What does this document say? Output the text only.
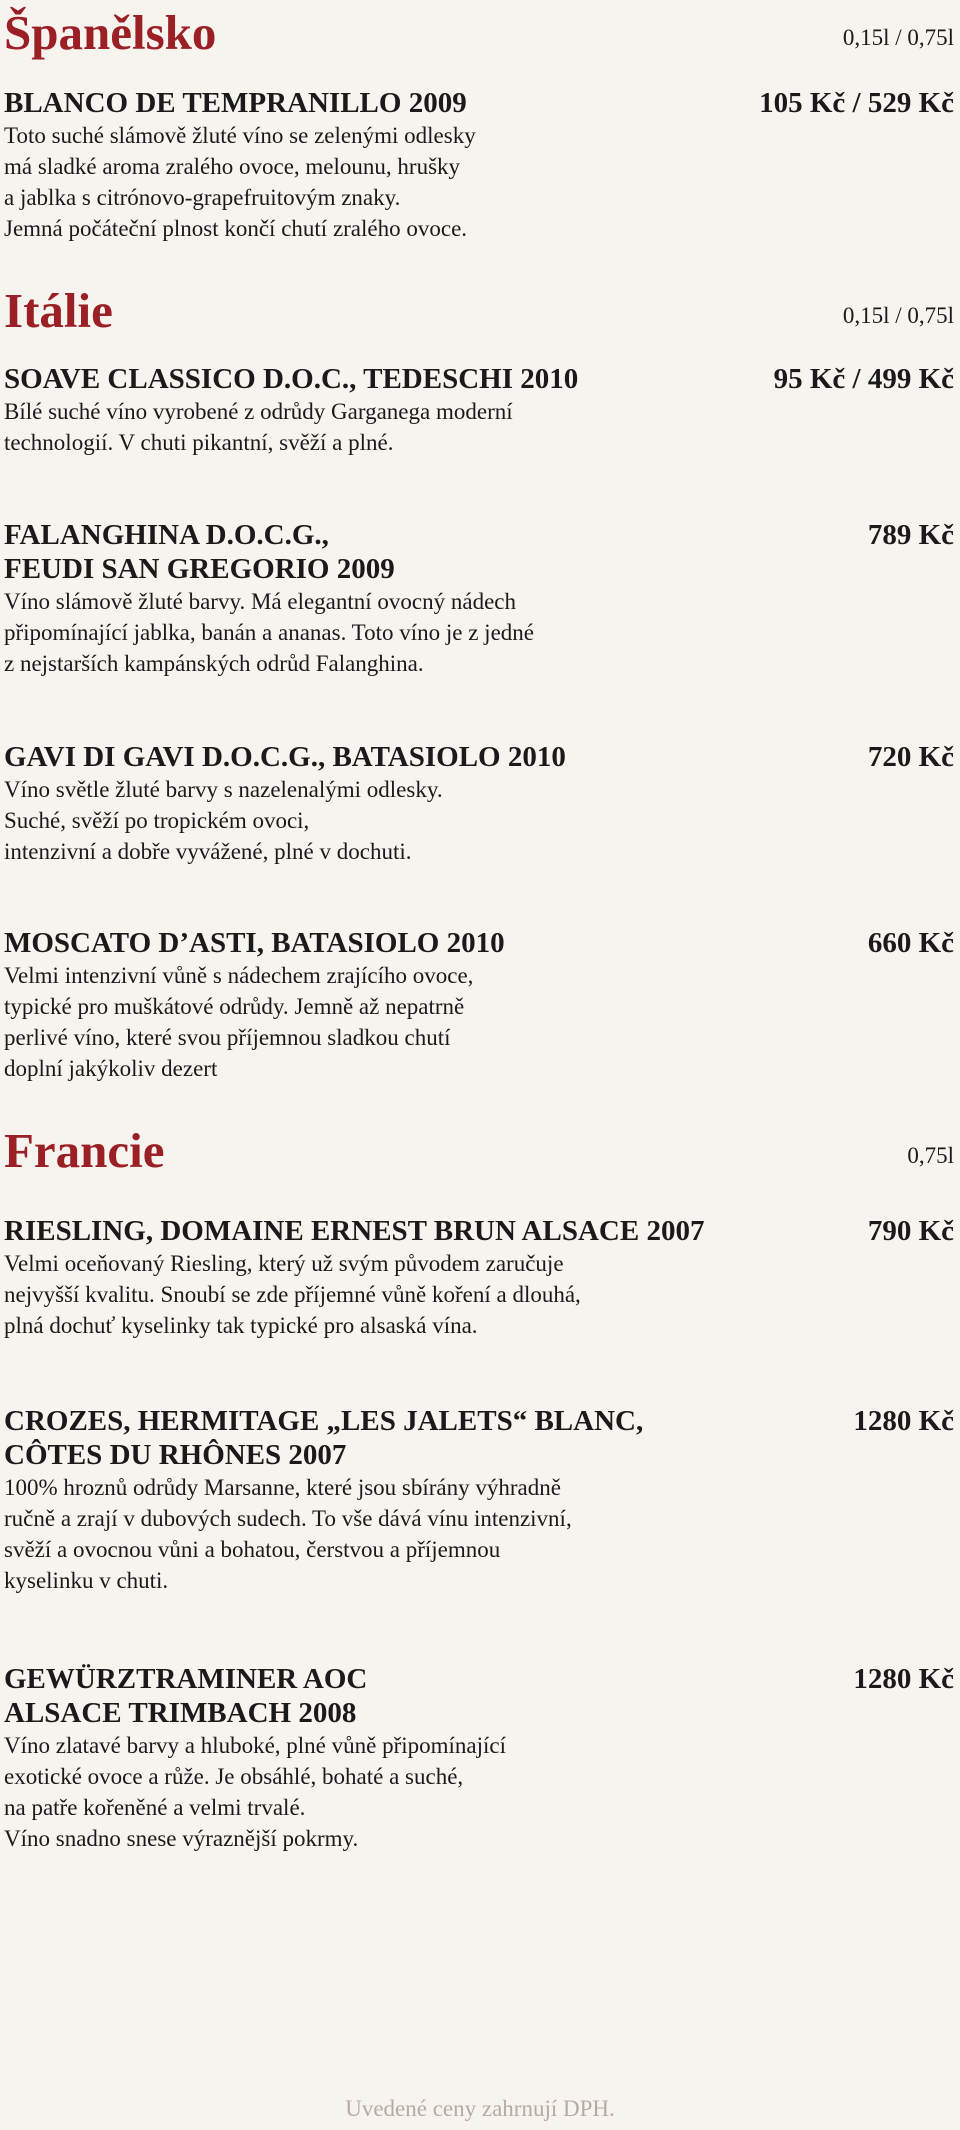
Španělsko	0,15l / 0,75l
BLANCO DE TEMPRANILLO 2009	105 Kč / 529 Kč
Toto suché slámově žluté víno se zelenými odlesky
má sladké aroma zralého ovoce, melounu, hrušky
a jablka s citrónovo-grapefruitovým znaky.
Jemná počáteční plnost končí chutí zralého ovoce.
Itálie	0,15l / 0,75l
SOAVE CLASSICO D.O.C., TEDESCHI 2010	95 Kč / 499 Kč
Bílé suché víno vyrobené z odrůdy Garganega moderní
technologií. V chuti pikantní, svěží a plné.
FALANGHINA D.O.C.G.,
FEUDI SAN GREGORIO 2009
789 Kč
Víno slámově žluté barvy. Má elegantní ovocný nádech
připomínající jablka, banán a ananas. Toto víno je z jedné
z nejstarších kampánských odrůd Falanghina.
GAVI DI GAVI D.O.C.G., BATASIOLO 2010	720 Kč
Víno světle žluté barvy s nazelenalými odlesky.
Suché, svěží po tropickém ovoci,
intenzivní a dobře vyvážené, plné v dochuti.
MOSCATO D’ASTI, BATASIOLO 2010	660 Kč
Velmi intenzivní vůně s nádechem zrajícího ovoce,
typické pro muškátové odrůdy. Jemně až nepatrně
perlivé víno, které svou příjemnou sladkou chutí
doplní jakýkoliv dezert
Francie	0,75l
RIESLING, DOMAINE ERNEST BRUN ALSACE 2007	790 Kč
Velmi oceňovaný Riesling, který už svým původem zaručuje
nejvyšší kvalitu. Snoubí se zde příjemné vůně koření a dlouhá,
plná dochuť kyselinky tak typické pro alsaská vína.
CROZES, HERMITAGE „LES JALETS“ BLANC,
CÔTES DU RHÔNES 2007
1280 Kč
100% hroznů odrůdy Marsanne, které jsou sbírány výhradně
ručně a zrají v dubových sudech. To vše dává vínu intenzivní,
svěží a ovocnou vůni a bohatou, čerstvou a příjemnou
kyselinku v chuti.
GEWÜRZTRAMINER AOC
ALSACE TRIMBACH 2008
1280 Kč
Víno zlatavé barvy a hluboké, plné vůně připomínající
exotické ovoce a růže. Je obsáhlé, bohaté a suché,
na patře kořeněné a velmi trvalé.
Víno snadno snese výraznější pokrmy.
Uvedené ceny zahrnují DPH.
